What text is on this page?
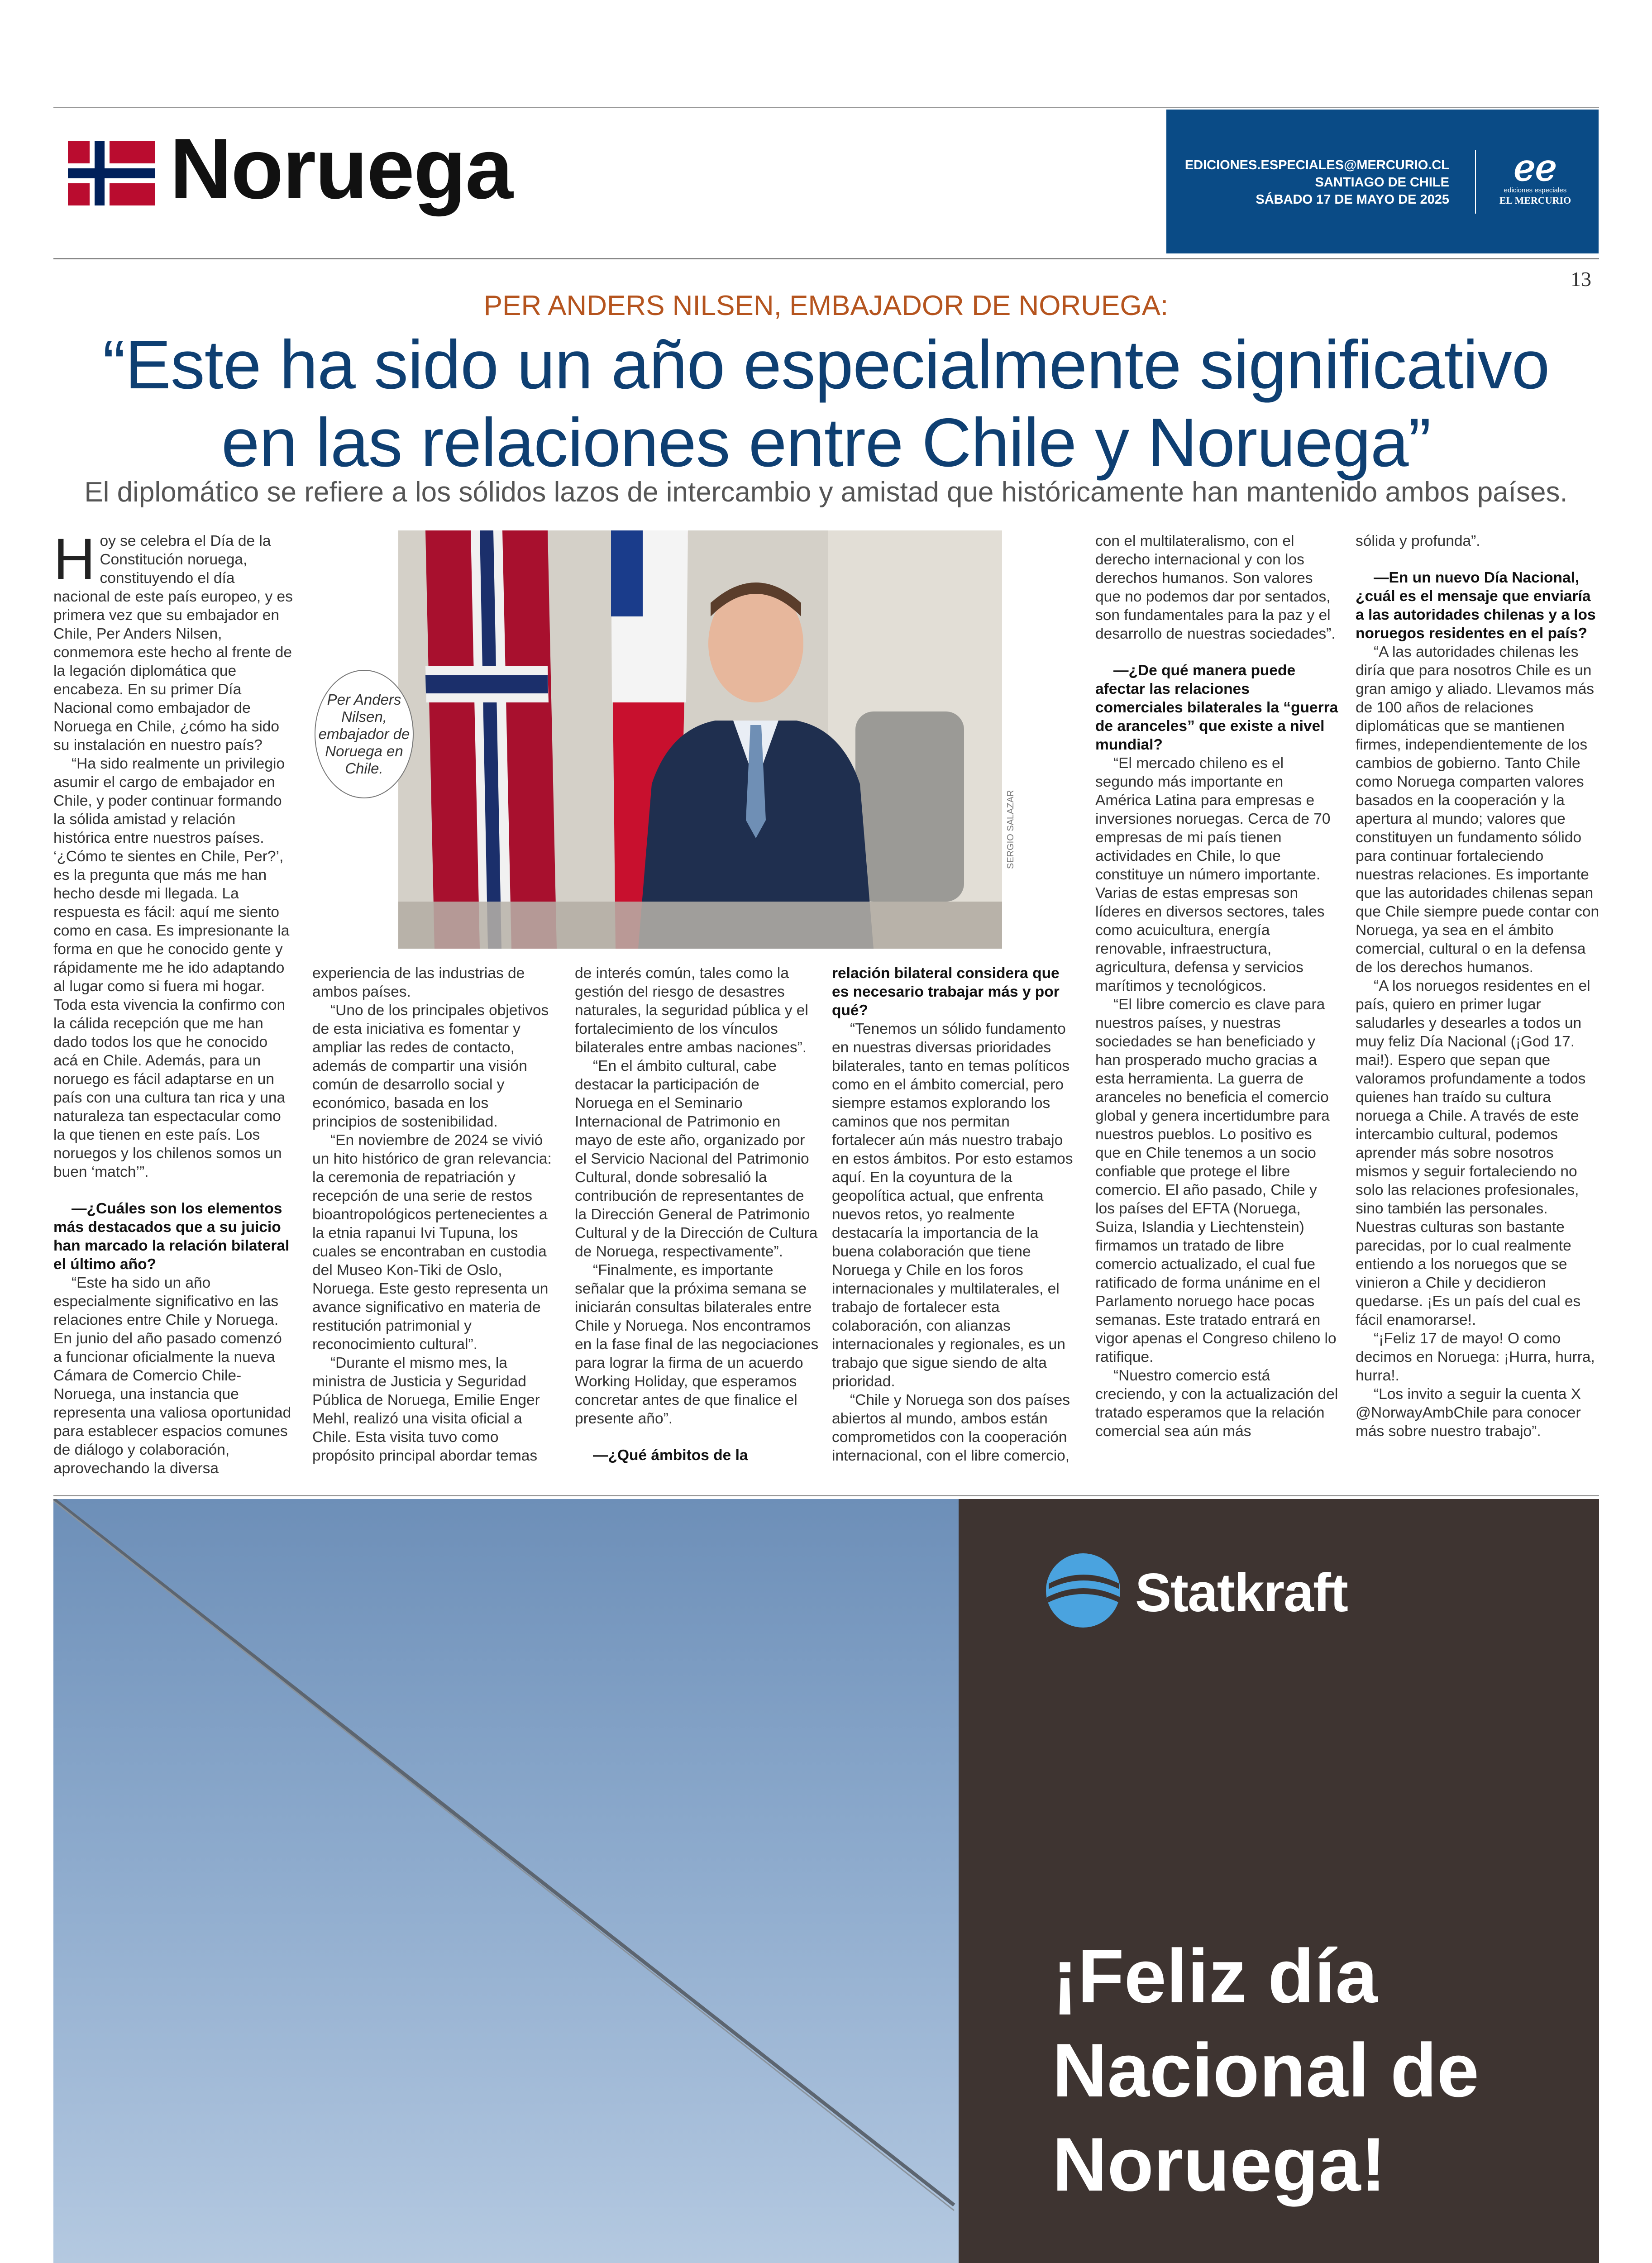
Noruega	EDICIONES.ESPECIALES@MERCURIO.CL
SANTIAGO DE CHILE
SÁBADO 17 DE MAYO DE 2025
ℯℯ
ediciones especiales
EL MERCURIO
13
PER ANDERS NILSEN, EMBAJADOR DE NORUEGA:
“Este ha sido un año especialmente significativo
en las relaciones entre Chile y Noruega”
El diplomático se refiere a los sólidos lazos de intercambio y amistad que históricamente han mantenido ambos países.
Per Anders Nilsen, embajador de Noruega en Chile.
SERGIO SALAZAR

Hoy se celebra el Día de la Constitución noruega, constituyendo el día nacional de este país europeo, y es primera vez que su embajador en Chile, Per Anders Nilsen, conmemora este hecho al frente de la legación diplomática que encabeza. En su primer Día Nacional como embajador de Noruega en Chile, ¿cómo ha sido su instalación en nuestro país?

“Ha sido realmente un privilegio asumir el cargo de embajador en Chile, y poder continuar formando la sólida amistad y relación histórica entre nuestros países. ‘¿Cómo te sientes en Chile, Per?’, es la pregunta que más me han hecho desde mi llegada. La respuesta es fácil: aquí me siento como en casa. Es impresionante la forma en que he conocido gente y rápidamente me he ido adaptando al lugar como si fuera mi hogar. Toda esta vivencia la confirmo con la cálida recepción que me han dado todos los que he conocido acá en Chile. Además, para un noruego es fácil adaptarse en un país con una cultura tan rica y una naturaleza tan espectacular como la que tienen en este país. Los noruegos y los chilenos somos un buen ‘match’”.

—¿Cuáles son los elementos más destacados que a su juicio han marcado la relación bilateral el último año?

“Este ha sido un año especialmente significativo en las relaciones entre Chile y Noruega. En junio del año pasado comenzó a funcionar oficialmente la nueva Cámara de Comercio Chile-Noruega, una instancia que representa una valiosa oportunidad para establecer espacios comunes de diálogo y colaboración, aprovechando la diversa

experiencia de las industrias de ambos países.

“Uno de los principales objetivos de esta iniciativa es fomentar y ampliar las redes de contacto, además de compartir una visión común de desarrollo social y económico, basada en los principios de sostenibilidad.

“En noviembre de 2024 se vivió un hito histórico de gran relevancia: la ceremonia de repatriación y recepción de una serie de restos bioantropológicos pertenecientes a la etnia rapanui Ivi Tupuna, los cuales se encontraban en custodia del Museo Kon-Tiki de Oslo, Noruega. Este gesto representa un avance significativo en materia de restitución patrimonial y reconocimiento cultural”.

“Durante el mismo mes, la ministra de Justicia y Seguridad Pública de Noruega, Emilie Enger Mehl, realizó una visita oficial a Chile. Esta visita tuvo como propósito principal abordar temas

de interés común, tales como la gestión del riesgo de desastres naturales, la seguridad pública y el fortalecimiento de los vínculos bilaterales entre ambas naciones”.

“En el ámbito cultural, cabe destacar la participación de Noruega en el Seminario Internacional de Patrimonio en mayo de este año, organizado por el Servicio Nacional del Patrimonio Cultural, donde sobresalió la contribución de representantes de la Dirección General de Patrimonio Cultural y de la Dirección de Cultura de Noruega, respectivamente”.

“Finalmente, es importante señalar que la próxima semana se iniciarán consultas bilaterales entre Chile y Noruega. Nos encontramos en la fase final de las negociaciones para lograr la firma de un acuerdo Working Holiday, que esperamos concretar antes de que finalice el presente año”.

—¿Qué ámbitos de la

relación bilateral considera que es necesario trabajar más y por qué?

“Tenemos un sólido fundamento en nuestras diversas prioridades bilaterales, tanto en temas políticos como en el ámbito comercial, pero siempre estamos explorando los caminos que nos permitan fortalecer aún más nuestro trabajo en estos ámbitos. Por esto estamos aquí. En la coyuntura de la geopolítica actual, que enfrenta nuevos retos, yo realmente destacaría la importancia de la buena colaboración que tiene Noruega y Chile en los foros internacionales y multilaterales, el trabajo de fortalecer esta colaboración, con alianzas internacionales y regionales, es un trabajo que sigue siendo de alta prioridad.

“Chile y Noruega son dos países abiertos al mundo, ambos están comprometidos con la cooperación internacional, con el libre comercio,

con el multilateralismo, con el derecho internacional y con los derechos humanos. Son valores que no podemos dar por sentados, son fundamentales para la paz y el desarrollo de nuestras sociedades”.

—¿De qué manera puede afectar las relaciones comerciales bilaterales la “guerra de aranceles” que existe a nivel mundial?

“El mercado chileno es el segundo más importante en América Latina para empresas e inversiones noruegas. Cerca de 70 empresas de mi país tienen actividades en Chile, lo que constituye un número importante. Varias de estas empresas son líderes en diversos sectores, tales como acuicultura, energía renovable, infraestructura, agricultura, defensa y servicios marítimos y tecnológicos.

“El libre comercio es clave para nuestros países, y nuestras sociedades se han beneficiado y han prosperado mucho gracias a esta herramienta. La guerra de aranceles no beneficia el comercio global y genera incertidumbre para nuestros pueblos. Lo positivo es que en Chile tenemos a un socio confiable que protege el libre comercio. El año pasado, Chile y los países del EFTA (Noruega, Suiza, Islandia y Liechtenstein) firmamos un tratado de libre comercio actualizado, el cual fue ratificado de forma unánime en el Parlamento noruego hace pocas semanas. Este tratado entrará en vigor apenas el Congreso chileno lo ratifique.

“Nuestro comercio está creciendo, y con la actualización del tratado esperamos que la relación comercial sea aún más

sólida y profunda”.

—En un nuevo Día Nacional, ¿cuál es el mensaje que enviaría a las autoridades chilenas y a los noruegos residentes en el país?

“A las autoridades chilenas les diría que para nosotros Chile es un gran amigo y aliado. Llevamos más de 100 años de relaciones diplomáticas que se mantienen firmes, independientemente de los cambios de gobierno. Tanto Chile como Noruega comparten valores basados en la cooperación y la apertura al mundo; valores que constituyen un fundamento sólido para continuar fortaleciendo nuestras relaciones. Es importante que las autoridades chilenas sepan que Chile siempre puede contar con Noruega, ya sea en el ámbito comercial, cultural o en la defensa de los derechos humanos.

“A los noruegos residentes en el país, quiero en primer lugar saludarles y desearles a todos un muy feliz Día Nacional (¡God 17. mai!). Espero que sepan que valoramos profundamente a todos quienes han traído su cultura noruega a Chile. A través de este intercambio cultural, podemos aprender más sobre nosotros mismos y seguir fortaleciendo no solo las relaciones profesionales, sino también las personales. Nuestras culturas son bastante parecidas, por lo cual realmente entiendo a los noruegos que se vinieron a Chile y decidieron quedarse. ¡Es un país del cual es fácil enamorarse!.

“¡Feliz 17 de mayo! O como decimos en Noruega: ¡Hurra, hurra, hurra!.

“Los invito a seguir la cuenta X @NorwayAmbChile para conocer más sobre nuestro trabajo”.

Statkraft
¡Feliz día
Nacional de
Noruega!
